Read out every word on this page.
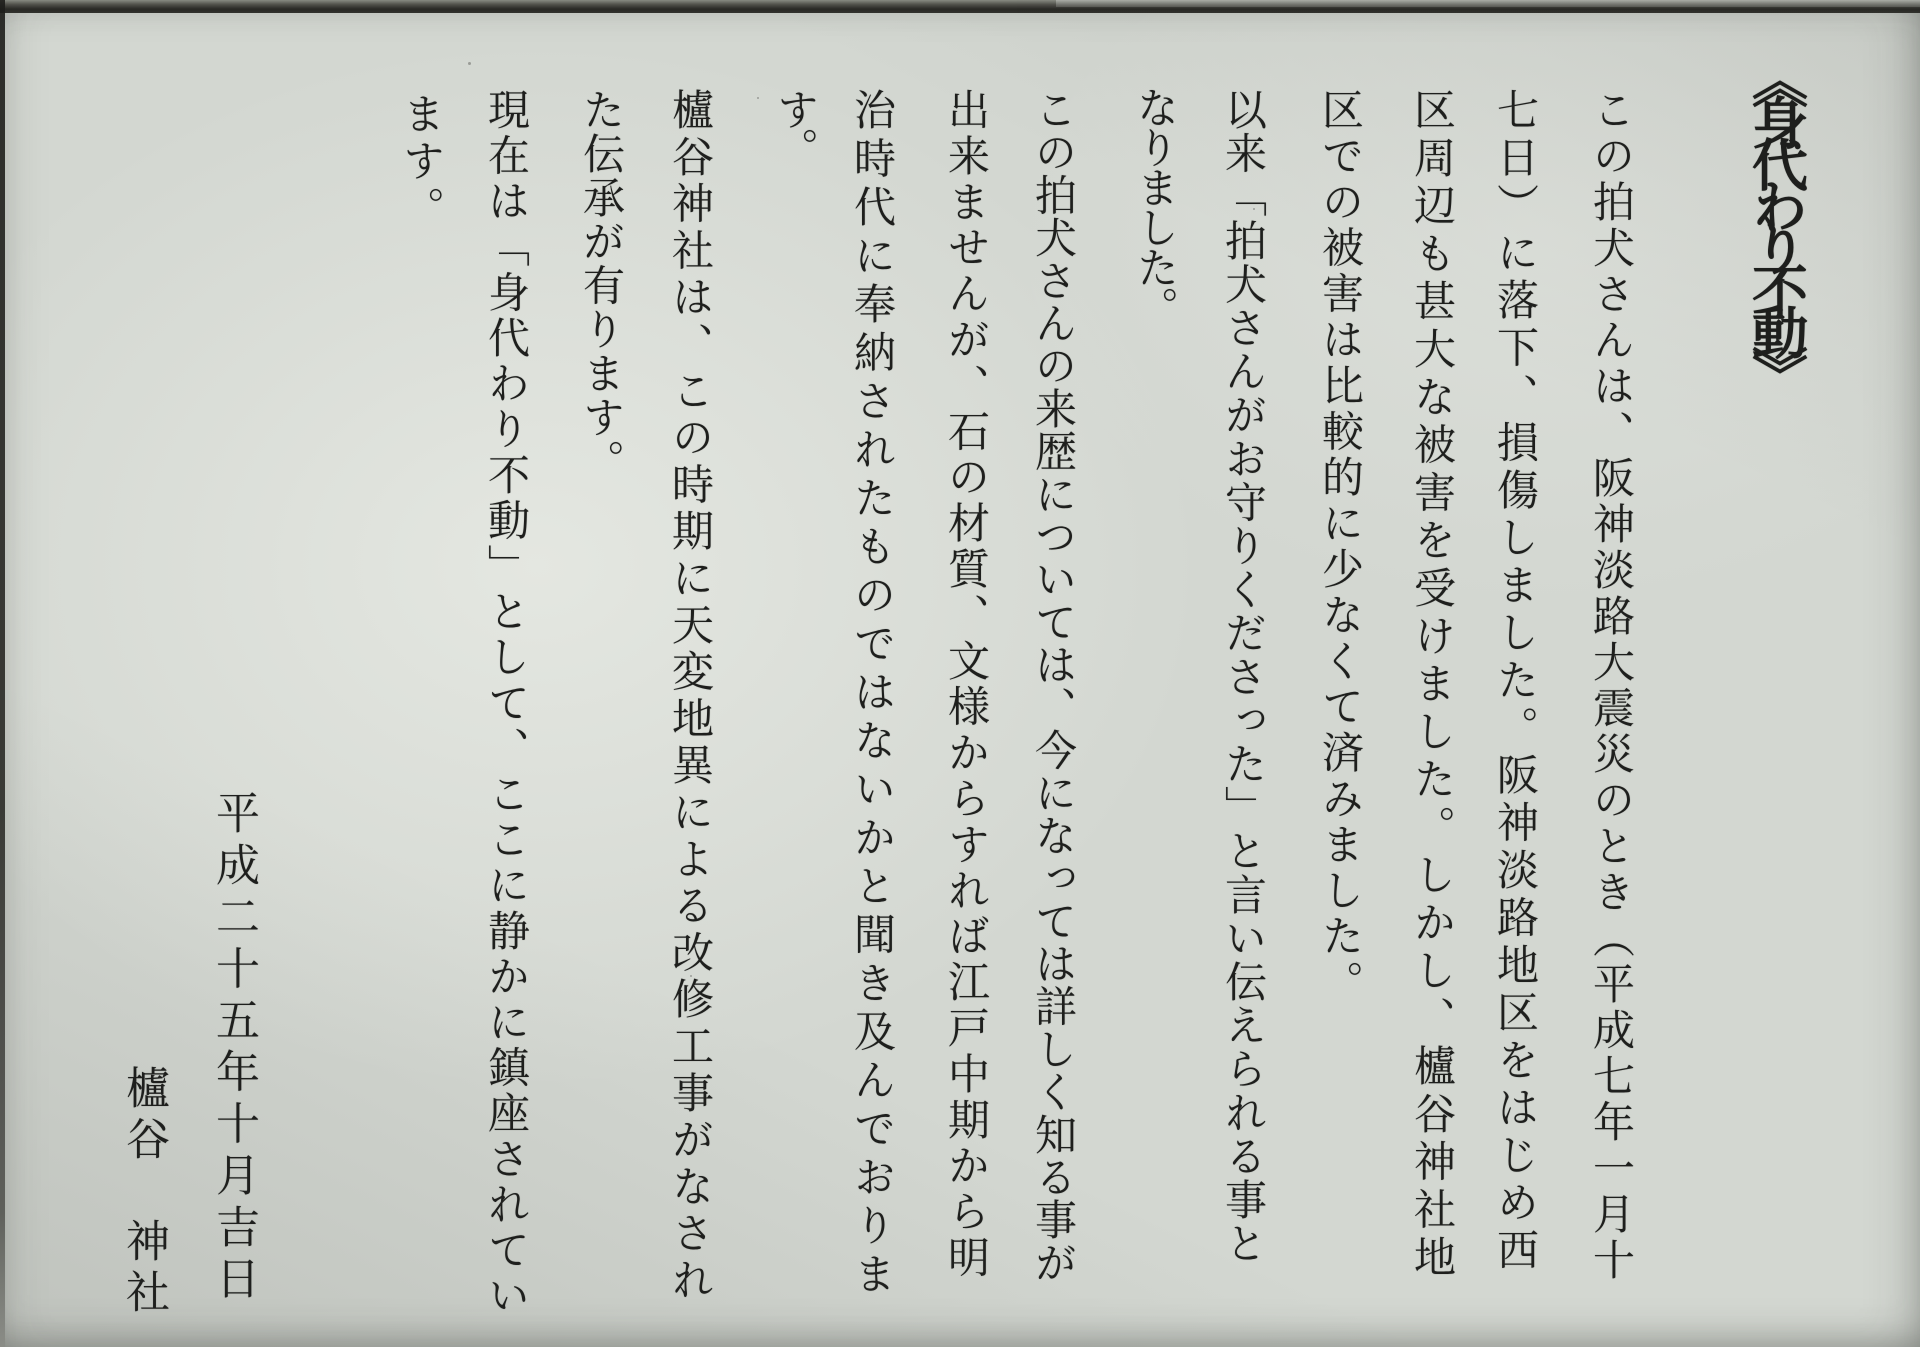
《身代わり不動》
この拍犬さんは、阪神淡路大震災のとき（平成七年一月十
七日）に落下、損傷しました。阪神淡路地区をはじめ西
区周辺も甚大な被害を受けました。しかし、櫨谷神社地
区での被害は比較的に少なくて済みました。
以来「拍犬さんがお守りくださった」と言い伝えられる事と
なりました。
この拍犬さんの来歴については、今になっては詳しく知る事が
出来ませんが、石の材質、文様からすれば江戸中期から明
治時代に奉納されたものではないかと聞き及んでおりま
す。
櫨谷神社は、この時期に天変地異による改修工事がなされ
た伝承が有ります。
現在は「身代わり不動」として、ここに静かに鎮座されてい
ます。
平成二十五年十月吉日
櫨谷　神社
